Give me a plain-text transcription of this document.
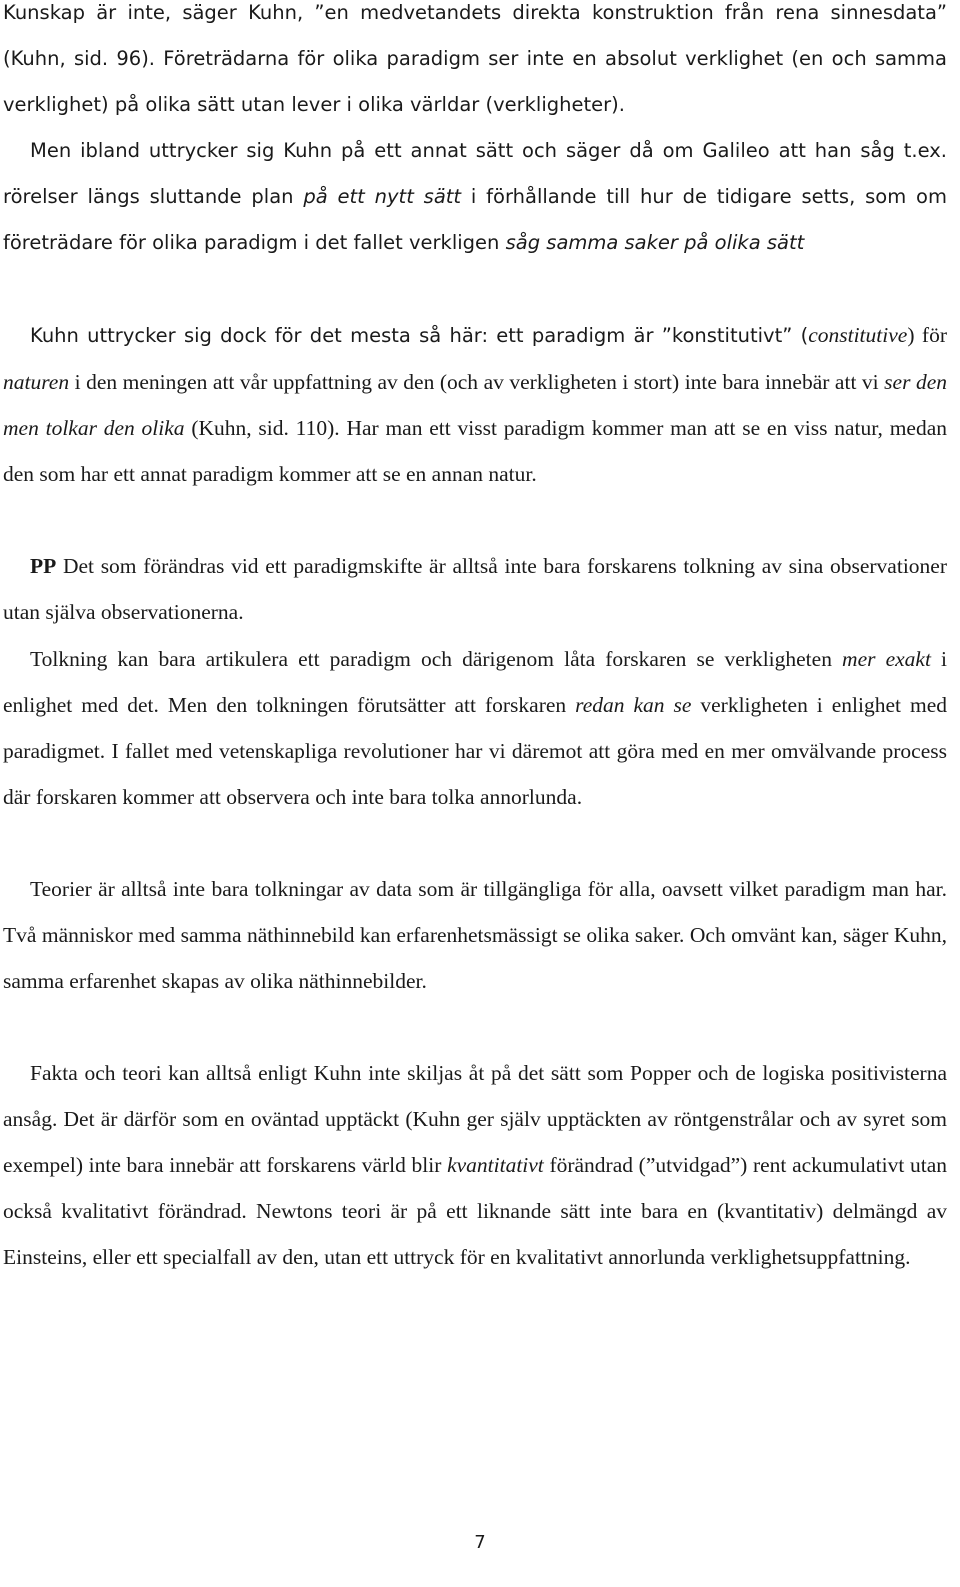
Kunskap är inte, säger Kuhn, ”en medvetandets direkta konstruktion från rena sinnesdata” (Kuhn, sid. 96). Företrädarna för olika paradigm ser inte en absolut verklighet (en och samma verklighet) på olika sätt utan lever i olika världar (verkligheter).

Men ibland uttrycker sig Kuhn på ett annat sätt och säger då om Galileo att han såg t.ex. rörelser längs sluttande plan på ett nytt sätt i förhållande till hur de tidigare setts, som om företrädare för olika paradigm i det fallet verkligen såg samma saker på olika sätt

Kuhn uttrycker sig dock för det mesta så här: ett paradigm är ”konstitutivt” (constitutive) för naturen i den meningen att vår uppfattning av den (och av verkligheten i stort) inte bara innebär att vi ser den men tolkar den olika (Kuhn, sid. 110). Har man ett visst paradigm kommer man att se en viss natur, medan den som har ett annat paradigm kommer att se en annan natur.

PP Det som förändras vid ett paradigmskifte är alltså inte bara forskarens tolkning av sina observationer utan själva observationerna.

Tolkning kan bara artikulera ett paradigm och därigenom låta forskaren se verkligheten mer exakt i enlighet med det. Men den tolkningen förutsätter att forskaren redan kan se verkligheten i enlighet med paradigmet. I fallet med vetenskapliga revolutioner har vi däremot att göra med en mer omvälvande process där forskaren kommer att observera och inte bara tolka annorlunda.

Teorier är alltså inte bara tolkningar av data som är tillgängliga för alla, oavsett vilket paradigm man har. Två människor med samma näthinnebild kan erfarenhetsmässigt se olika saker. Och omvänt kan, säger Kuhn, samma erfarenhet skapas av olika näthinnebilder.

Fakta och teori kan alltså enligt Kuhn inte skiljas åt på det sätt som Popper och de logiska positivisterna ansåg. Det är därför som en oväntad upptäckt (Kuhn ger själv upptäckten av röntgenstrålar och av syret som exempel) inte bara innebär att forskarens värld blir kvantitativt förändrad (”utvidgad”) rent ackumulativt utan också kvalitativt förändrad. Newtons teori är på ett liknande sätt inte bara en (kvantitativ) delmängd av Einsteins, eller ett specialfall av den, utan ett uttryck för en kvalitativt annorlunda verklighetsuppfattning.

7
